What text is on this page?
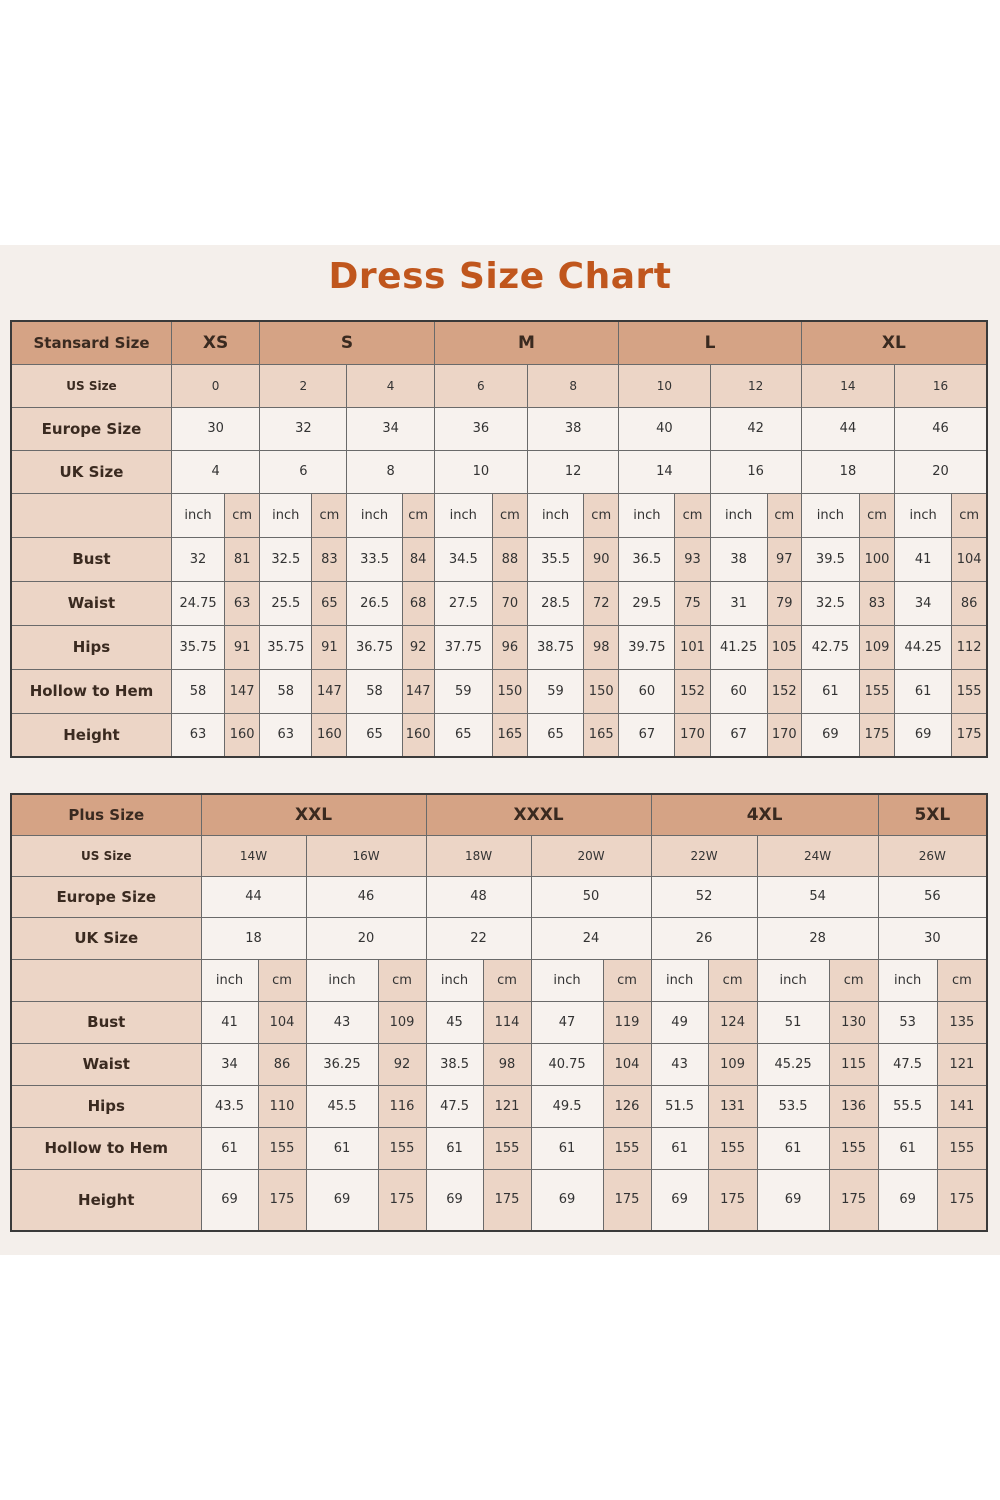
Dress Size Chart
Stansard Size	XS		S				M				L				XL			
US Size	0		2		4		6		8		10		12		14		16	
Europe Size	30		32		34		36		38		40		42		44		46	
UK Size	4		6		8		10		12		14		16		18		20	
	inch	cm	inch	cm	inch	cm	inch	cm	inch	cm	inch	cm	inch	cm	inch	cm	inch	cm
Bust	32	81	32.5	83	33.5	84	34.5	88	35.5	90	36.5	93	38	97	39.5	100	41	104
Waist	24.75	63	25.5	65	26.5	68	27.5	70	28.5	72	29.5	75	31	79	32.5	83	34	86
Hips	35.75	91	35.75	91	36.75	92	37.75	96	38.75	98	39.75	101	41.25	105	42.75	109	44.25	112
Hollow to Hem	58	147	58	147	58	147	59	150	59	150	60	152	60	152	61	155	61	155
Height	63	160	63	160	65	160	65	165	65	165	67	170	67	170	69	175	69	175
Plus Size	XXL				XXXL				4XL				5XL	
US Size	14W		16W		18W		20W		22W		24W		26W	
Europe Size	44		46		48		50		52		54		56	
UK Size	18		20		22		24		26		28		30	
	inch	cm	inch	cm	inch	cm	inch	cm	inch	cm	inch	cm	inch	cm
Bust	41	104	43	109	45	114	47	119	49	124	51	130	53	135
Waist	34	86	36.25	92	38.5	98	40.75	104	43	109	45.25	115	47.5	121
Hips	43.5	110	45.5	116	47.5	121	49.5	126	51.5	131	53.5	136	55.5	141
Hollow to Hem	61	155	61	155	61	155	61	155	61	155	61	155	61	155
Height	69	175	69	175	69	175	69	175	69	175	69	175	69	175
